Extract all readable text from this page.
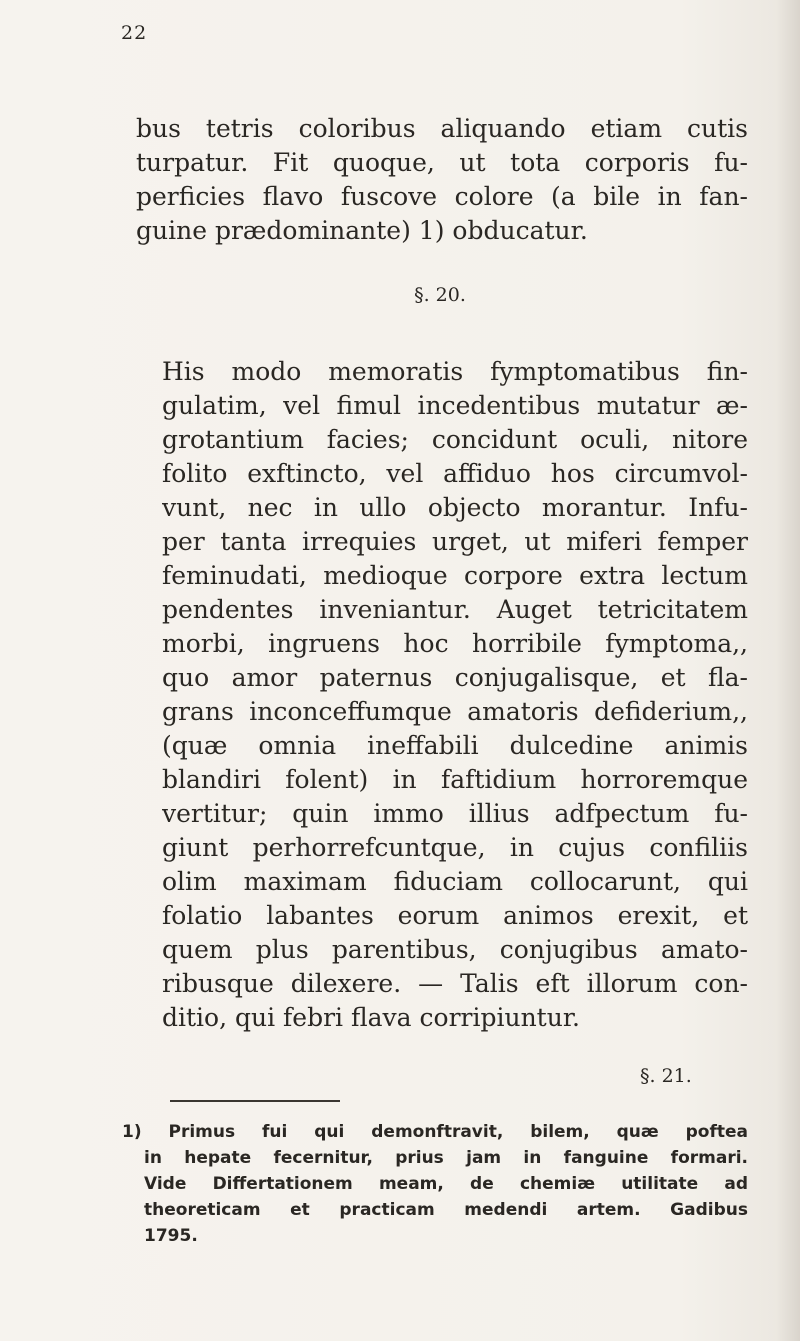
22
bus tetris coloribus aliquando etiam cutis
turpatur. Fit quoque, ut tota corporis fu-
perficies flavo fuscove colore (a bile in fan-
guine prædominante) 1) obducatur.
§. 20.
His modo memoratis fymptomatibus fin-
gulatim, vel fimul incedentibus mutatur æ-
grotantium facies; concidunt oculi, nitore
folito exftincto, vel affiduo hos circumvol-
vunt, nec in ullo objecto morantur. Infu-
per tanta irrequies urget, ut miferi femper
feminudati, medioque corpore extra lectum
pendentes inveniantur. Auget tetricitatem
morbi, ingruens hoc horribile fymptoma,,
quo amor paternus conjugalisque, et fla-
grans inconceffumque amatoris defiderium,,
(quæ omnia ineffabili dulcedine animis
blandiri folent) in faftidium horroremque
vertitur; quin immo illius adfpectum fu-
giunt perhorrefcuntque, in cujus confiliis
olim maximam fiduciam collocarunt, qui
folatio labantes eorum animos erexit, et
quem plus parentibus, conjugibus amato-
ribusque dilexere. — Talis eft illorum con-
ditio, qui febri flava corripiuntur.
§. 21.
1) Primus fui qui demonftravit, bilem, quæ poftea
in hepate fecernitur, prius jam in fanguine formari.
Vide Differtationem meam, de chemiæ utilitate ad
theoreticam et practicam medendi artem. Gadibus
1795.
